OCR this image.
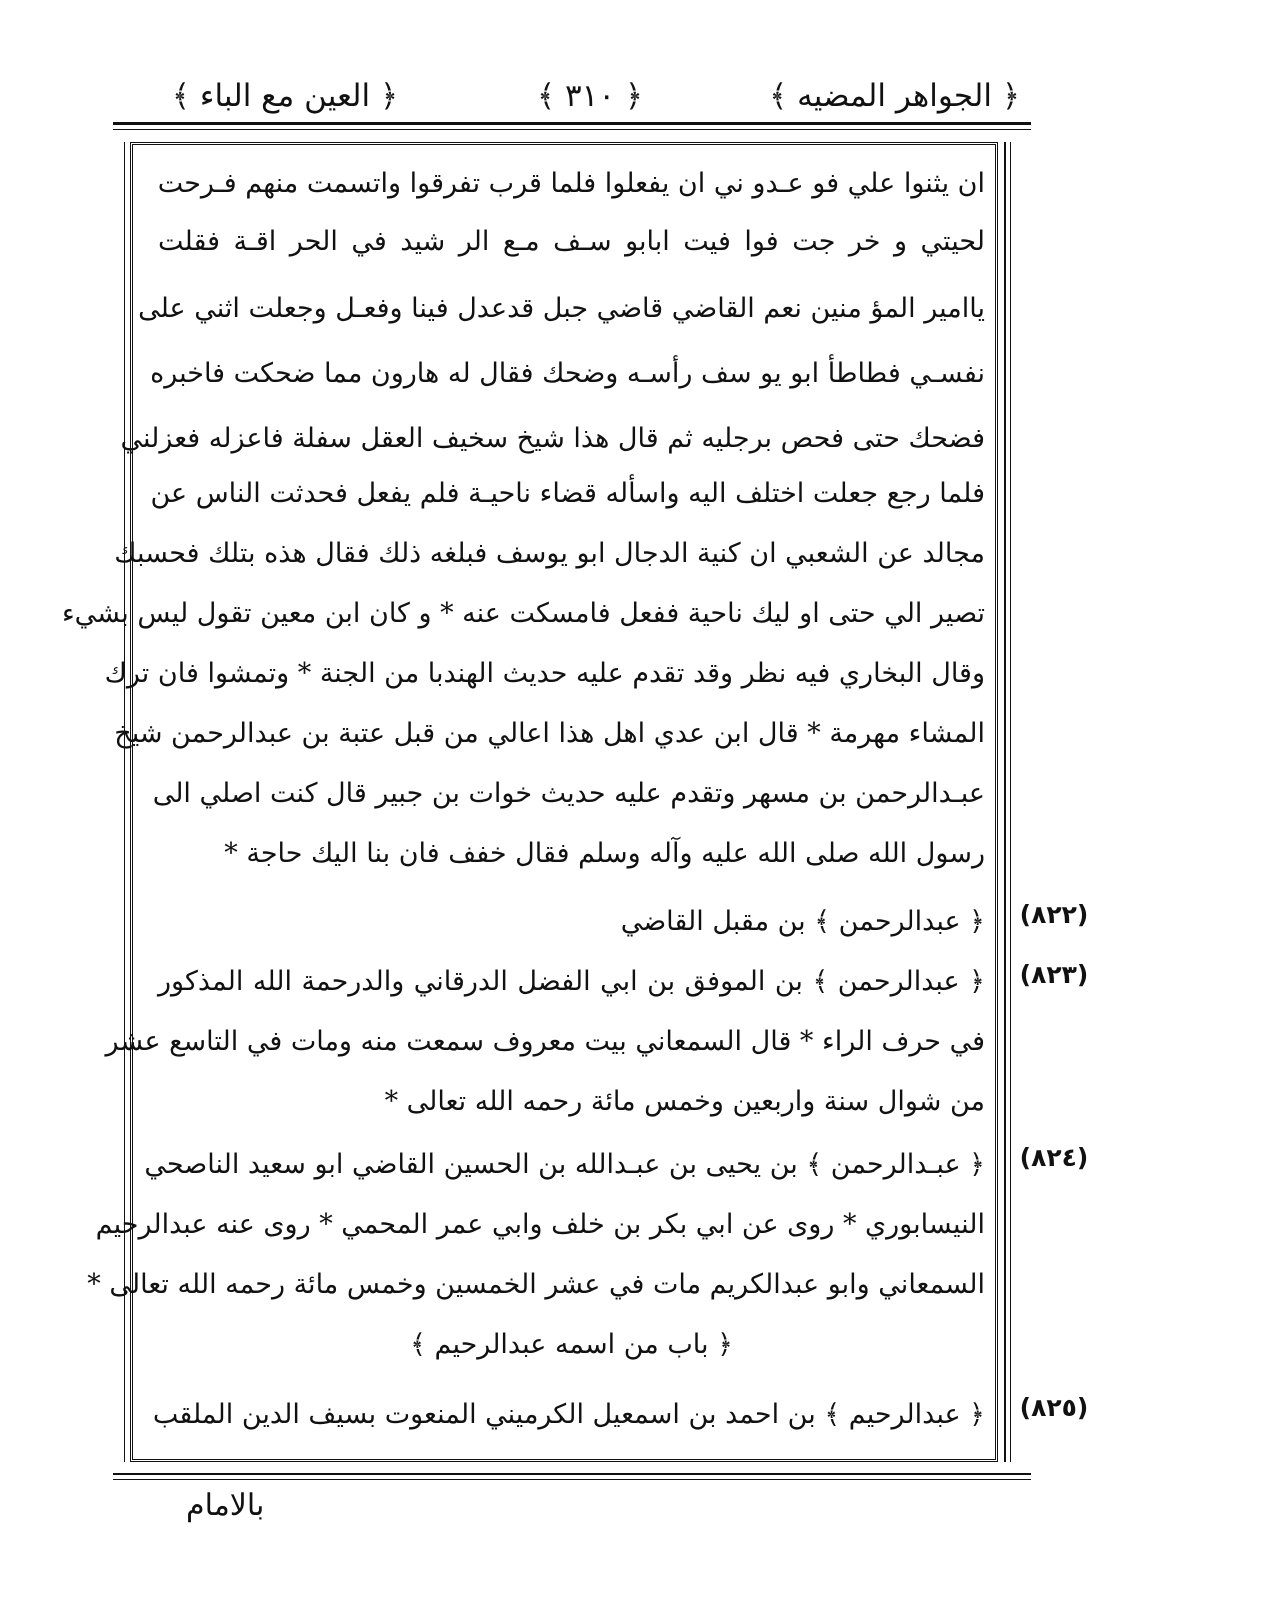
﴿ الجواهر المضيه ﴾
﴿ ٣١٠ ﴾
﴿ العين مع الباء ﴾
ان يثنوا علي فو عـدو ني ان يفعلوا فلما قرب تفرقوا واتسمت منهم فـرحت
لحيتي و خر جت فوا فيت ابابو سـف مـع الر شيد في الحر اقـة فقلت
ياامير المؤ منين نعم القاضي قاضي جبل قدعدل فينا وفعـل وجعلت اثني على
نفسـي فطاطأ ابو يو سف رأسـه وضحك فقال له هارون مما ضحكت فاخبره
فضحك حتى فحص برجليه ثم قال هذا شيخ سخيف العقل سفلة فاعزله فعزلني
فلما رجع جعلت اختلف اليه واسأله قضاء ناحيـة فلم يفعل فحدثت الناس عن
مجالد عن الشعبي ان كنية الدجال ابو يوسف فبلغه ذلك فقال هذه بتلك فحسبك
تصير الي حتى او ليك ناحية ففعل فامسكت عنه * و كان ابن معين تقول ليس بشيء
وقال البخاري فيه نظر وقد تقدم عليه حديث الهندبا من الجنة * وتمشوا فان ترك
المشاء مهرمة * قال ابن عدي اهل هذا اعالي من قبل عتبة بن عبدالرحمن شيخ
عبـدالرحمن بن مسهر وتقدم عليه حديث خوات بن جبير قال كنت اصلي الى
رسول الله صلى الله عليه وآله وسلم فقال خفف فان بنا اليك حاجة *
(٨٢٢)
﴿ عبدالرحمن ﴾ بن مقبل القاضي
(٨٢٣)
﴿ عبدالرحمن ﴾ بن الموفق بن ابي الفضل الدرقاني والدرحمة الله المذكور
في حرف الراء * قال السمعاني بيت معروف سمعت منه ومات في التاسع عشر
من شوال سنة واربعين وخمس مائة رحمه الله تعالى *
(٨٢٤)
﴿ عبـدالرحمن ﴾ بن يحيى بن عبـدالله بن الحسين القاضي ابو سعيد الناصحي
النيسابوري * روى عن ابي بكر بن خلف وابي عمر المحمي * روى عنه عبدالرحيم
السمعاني وابو عبدالكريم مات في عشر الخمسين وخمس مائة رحمه الله تعالى *
﴿ باب من اسمه عبدالرحيم ﴾
(٨٢٥)
﴿ عبدالرحيم ﴾ بن احمد بن اسمعيل الكرميني المنعوت بسيف الدين الملقب
بالامام
